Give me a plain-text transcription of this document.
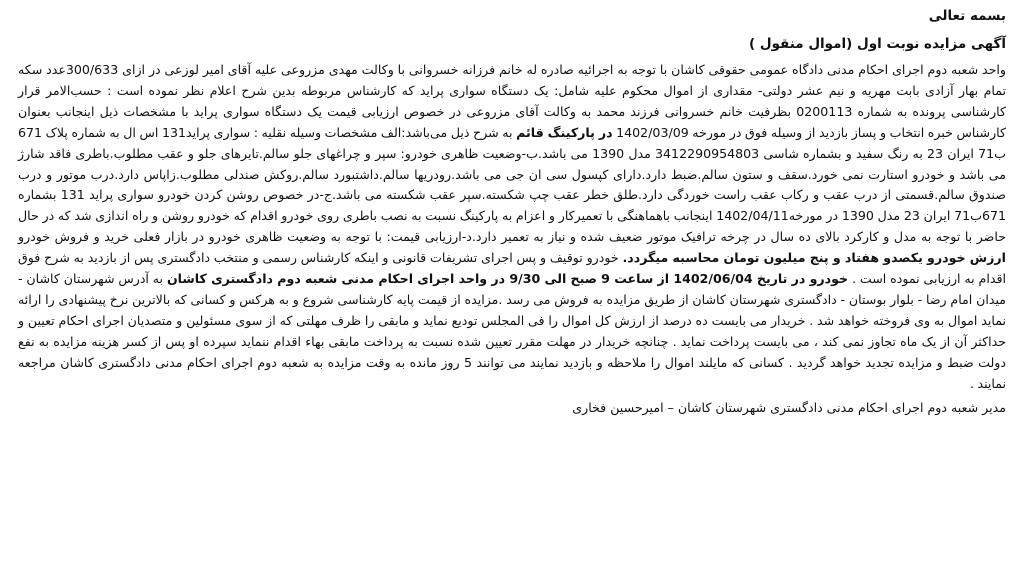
بسمه تعالی
آگهی مزایده نوبت اول (اموال منقول )

واحد شعبه دوم اجرای احکام مدنی دادگاه عمومی حقوقی کاشان با توجه به اجرائیه صادره له خانم فرزانه خسروانی با وکالت مهدی مزروعی علیه آقای امیر لوزعی در ازای 300/633عدد سکه تمام بهار آزادی بابت مهریه و نیم عشر دولتی- مقداری از اموال محکوم علیه شامل: یک دستگاه سواری پراید که کارشناس مربوطه بدین شرح اعلام نظر نموده است : حسب‌الامر قرار کارشناسی پرونده به شماره 0200113 بظرفیت خانم خسروانی فرزند محمد به وکالت آقای مزروعی در خصوص ارزیابی قیمت یک دستگاه سواری پراید با مشخصات ذیل اینجانب بعنوان کارشناس خبره انتخاب و پساز بازدید از وسیله فوق در مورخه 1402/03/09 در پارکینگ قائم به شرح ذیل می‌باشد:الف مشخصات وسیله نقلیه : سواری پراید131 اس ال به شماره پلاک 671 ب71 ایران 23 به رنگ سفید و بشماره شاسی 3412290954803 مدل 1390 می باشد.ب-وضعیت ظاهری خودرو: سپر و چراغهای جلو سالم.تایرهای جلو و عقب مطلوب.باطری فاقد شارژ می باشد و خودرو استارت نمی خورد.سقف و ستون سالم.ضبط دارد.دارای کپسول سی ان جی می باشد.رودریها سالم.داشتبورد سالم.روکش صندلی مطلوب.زاپاس دارد.درب موتور و درب صندوق سالم.قسمتی از درب عقب و رکاب عقب راست خوردگی دارد.طلق خطر عقب چپ شکسته.سپر عقب شکسته می باشد.ج-در خصوص روشن کردن خودرو سواری پراید 131 بشماره 671ب71 ایران 23 مدل 1390 در مورخه1402/04/11 اینجانب باهماهنگی با تعمیرکار و اعزام به پارکینگ نسبت به نصب باطری روی خودرو اقدام که خودرو روشن و راه اندازی شد که در حال حاضر با توجه به مدل و کارکرد بالای ده سال در چرخه ترافیک موتور ضعیف شده و نیاز به تعمیر دارد.د-ارزیابی قیمت: با توجه به وضعیت ظاهری خودرو در بازار فعلی خرید و فروش خودرو ارزش خودرو یکصدو هفتاد و پنج میلیون تومان محاسبه میگردد. خودرو توقیف و پس اجرای تشریفات قانونی و اینکه کارشناس رسمی و منتخب دادگستری پس از بازدید به شرح فوق اقدام به ارزیابی نموده است . خودرو در تاریخ 1402/06/04 از ساعت 9 صبح الی 9/30 در واحد اجرای احکام مدنی شعبه دوم دادگستری کاشان به آدرس شهرستان کاشان - میدان امام رضا - بلوار بوستان - دادگستری شهرستان کاشان از طریق مزایده به فروش می رسد .مزایده از قیمت پایه کارشناسی شروع و به هرکس و کسانی که بالاترین نرخ پیشنهادی را ارائه نماید اموال به وی فروخته خواهد شد . خریدار می بایست ده درصد از ارزش کل اموال را فی المجلس تودیع نماید و مابقی را ظرف مهلتی که از سوی مسئولین و متصدیان اجرای احکام تعیین و حداکثر آن از یک ماه تجاوز نمی کند ، می بایست پرداخت نماید . چنانچه خریدار در مهلت مقرر تعیین شده نسبت به پرداخت مابقی بهاء اقدام ننماید سپرده او پس از کسر هزینه مزایده به نفع دولت ضبط و مزایده تجدید خواهد گردید . کسانی که مایلند اموال را ملاحظه و بازدید نمایند می توانند 5 روز مانده به وقت مزایده به شعبه دوم اجرای احکام مدنی دادگستری کاشان مراجعه نمایند .

مدیر شعبه دوم اجرای احکام مدنی دادگستری شهرستان کاشان – امیرحسین فخاری
